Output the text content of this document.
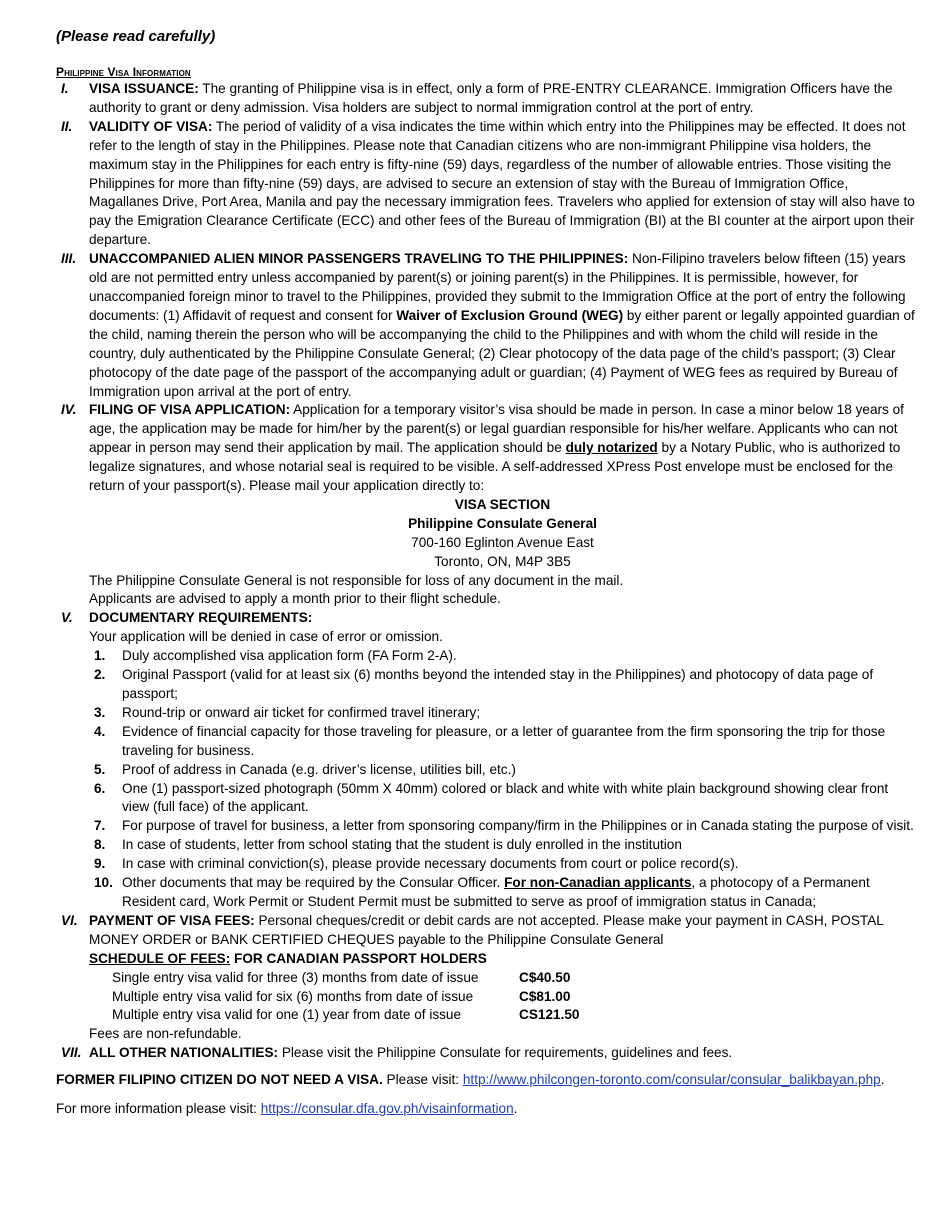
(Please read carefully)

Philippine Visa Information

I. VISA ISSUANCE: The granting of Philippine visa is in effect, only a form of PRE-ENTRY CLEARANCE. Immigration Officers have the authority to grant or deny admission. Visa holders are subject to normal immigration control at the port of entry.
II. VALIDITY OF VISA: The period of validity of a visa indicates the time within which entry into the Philippines may be effected. It does not refer to the length of stay in the Philippines. Please note that Canadian citizens who are non-immigrant Philippine visa holders, the maximum stay in the Philippines for each entry is fifty-nine (59) days, regardless of the number of allowable entries. Those visiting the Philippines for more than fifty-nine (59) days, are advised to secure an extension of stay with the Bureau of Immigration Office, Magallanes Drive, Port Area, Manila and pay the necessary immigration fees. Travelers who applied for extension of stay will also have to pay the Emigration Clearance Certificate (ECC) and other fees of the Bureau of Immigration (BI) at the BI counter at the airport upon their departure.
III. UNACCOMPANIED ALIEN MINOR PASSENGERS TRAVELING TO THE PHILIPPINES: Non-Filipino travelers below fifteen (15) years old are not permitted entry unless accompanied by parent(s) or joining parent(s) in the Philippines. It is permissible, however, for unaccompanied foreign minor to travel to the Philippines, provided they submit to the Immigration Office at the port of entry the following documents: (1) Affidavit of request and consent for Waiver of Exclusion Ground (WEG) by either parent or legally appointed guardian of the child, naming therein the person who will be accompanying the child to the Philippines and with whom the child will reside in the country, duly authenticated by the Philippine Consulate General; (2) Clear photocopy of the data page of the child’s passport; (3) Clear photocopy of the date page of the passport of the accompanying adult or guardian; (4) Payment of WEG fees as required by Bureau of Immigration upon arrival at the port of entry.
IV. FILING OF VISA APPLICATION: Application for a temporary visitor’s visa should be made in person. In case a minor below 18 years of age, the application may be made for him/her by the parent(s) or legal guardian responsible for his/her welfare. Applicants who can not appear in person may send their application by mail. The application should be duly notarized by a Notary Public, who is authorized to legalize signatures, and whose notarial seal is required to be visible. A self-addressed XPress Post envelope must be enclosed for the return of your passport(s). Please mail your application directly to:
VISA SECTION
Philippine Consulate General
700-160 Eglinton Avenue East
Toronto, ON, M4P 3B5
The Philippine Consulate General is not responsible for loss of any document in the mail.
Applicants are advised to apply a month prior to their flight schedule.
V. DOCUMENTARY REQUIREMENTS:
Your application will be denied in case of error or omission.
1. Duly accomplished visa application form (FA Form 2-A).
2. Original Passport (valid for at least six (6) months beyond the intended stay in the Philippines) and photocopy of data page of passport;
3. Round-trip or onward air ticket for confirmed travel itinerary;
4. Evidence of financial capacity for those traveling for pleasure, or a letter of guarantee from the firm sponsoring the trip for those traveling for business.
5. Proof of address in Canada (e.g. driver’s license, utilities bill, etc.)
6. One (1) passport-sized photograph (50mm X 40mm) colored or black and white with white plain background showing clear front view (full face) of the applicant.
7. For purpose of travel for business, a letter from sponsoring company/firm in the Philippines or in Canada stating the purpose of visit.
8. In case of students, letter from school stating that the student is duly enrolled in the institution
9. In case with criminal conviction(s), please provide necessary documents from court or police record(s).
10. Other documents that may be required by the Consular Officer. For non-Canadian applicants, a photocopy of a Permanent Resident card, Work Permit or Student Permit must be submitted to serve as proof of immigration status in Canada;
VI. PAYMENT OF VISA FEES: Personal cheques/credit or debit cards are not accepted. Please make your payment in CASH, POSTAL MONEY ORDER or BANK CERTIFIED CHEQUES payable to the Philippine Consulate General
SCHEDULE OF FEES: FOR CANADIAN PASSPORT HOLDERS
Single entry visa valid for three (3) months from date of issue	C$40.50
Multiple entry visa valid for six (6) months from date of issue	C$81.00
Multiple entry visa valid for one (1) year from date of issue	CS121.50
Fees are non-refundable.
VII. ALL OTHER NATIONALITIES: Please visit the Philippine Consulate for requirements, guidelines and fees.

FORMER FILIPINO CITIZEN DO NOT NEED A VISA. Please visit: http://www.philcongen-toronto.com/consular/consular_balikbayan.php.

For more information please visit: https://consular.dfa.gov.ph/visainformation.
